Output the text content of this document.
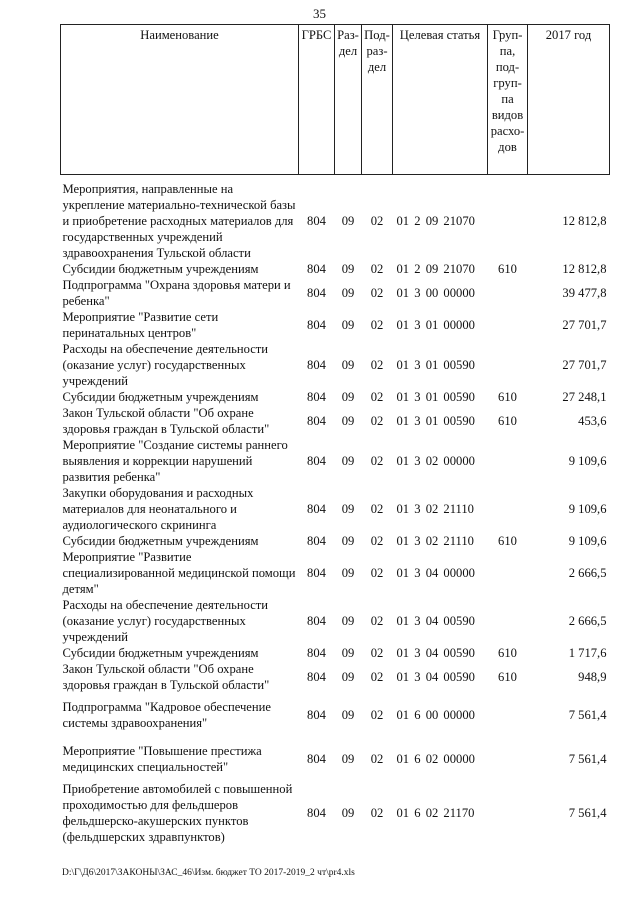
35
Наименование	ГРБС	Раз-дел	Под-раз-дел	Целевая статья	Груп-па, под-груп-па видов расхо-дов	2017 год

Мероприятия, направленные на укрепление материально-технической базы и приобретение расходных материалов для государственных учреждений здравоохранения Тульской области	804	09	02	01 2 09 21070		12 812,8
Субсидии бюджетным учреждениям	804	09	02	01 2 09 21070	610	12 812,8
Подпрограмма "Охрана здоровья матери и ребенка"	804	09	02	01 3 00 00000		39 477,8
Мероприятие "Развитие сети перинатальных центров"	804	09	02	01 3 01 00000		27 701,7
Расходы на обеспечение деятельности (оказание услуг) государственных учреждений	804	09	02	01 3 01 00590		27 701,7
Субсидии бюджетным учреждениям	804	09	02	01 3 01 00590	610	27 248,1
Закон Тульской области "Об охране здоровья граждан в Тульской области"	804	09	02	01 3 01 00590	610	453,6
Мероприятие "Создание системы раннего выявления и коррекции нарушений развития ребенка"	804	09	02	01 3 02 00000		9 109,6
Закупки оборудования и расходных материалов для неонатального и аудиологического скрининга	804	09	02	01 3 02 21110		9 109,6
Субсидии бюджетным учреждениям	804	09	02	01 3 02 21110	610	9 109,6
Мероприятие "Развитие специализированной медицинской помощи детям"	804	09	02	01 3 04 00000		2 666,5
Расходы на обеспечение деятельности (оказание услуг) государственных учреждений	804	09	02	01 3 04 00590		2 666,5
Субсидии бюджетным учреждениям	804	09	02	01 3 04 00590	610	1 717,6
Закон Тульской области "Об охране здоровья граждан в Тульской области"	804	09	02	01 3 04 00590	610	948,9
Подпрограмма "Кадровое обеспечение системы здравоохранения"	804	09	02	01 6 00 00000		7 561,4
Мероприятие "Повышение престижа медицинских специальностей"	804	09	02	01 6 02 00000		7 561,4
Приобретение автомобилей с повышенной проходимостью для фельдшеров фельдшерско-акушерских пунктов (фельдшерских здравпунктов)	804	09	02	01 6 02 21170		7 561,4
D:\Г\Д6\2017\ЗАКОНЫ\ЗАС_46\Изм. бюджет ТО 2017-2019_2 чт\pr4.xls
